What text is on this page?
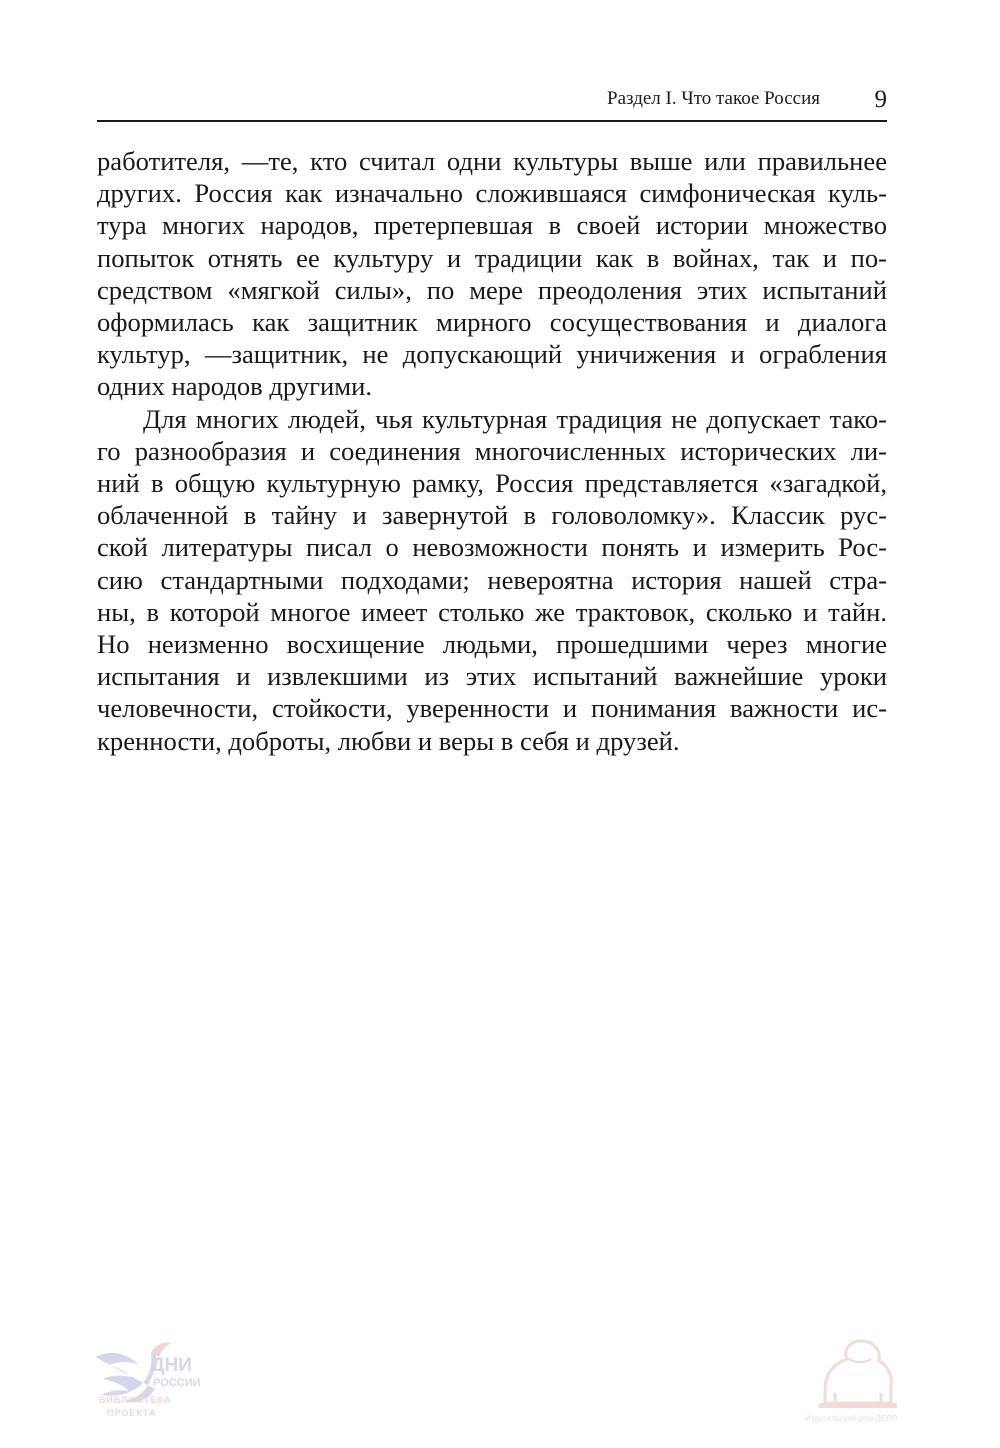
Раздел I. Что такое Россия 9

работителя, —те, кто считал одни культуры выше или правильнее
других. Россия как изначально сложившаяся симфоническая куль-
тура многих народов, претерпевшая в своей истории множество
попыток отнять ее культуру и традиции как в войнах, так и по-
средством «мягкой силы», по мере преодоления этих испытаний
оформилась как защитник мирного сосуществования и диалога
культур, —защитник, не допускающий уничижения и ограбления
одних народов другими.

Для многих людей, чья культурная традиция не допускает тако-
го разнообразия и соединения многочисленных исторических ли-
ний в общую культурную рамку, Россия представляется «загадкой,
облаченной в тайну и завернутой в головоломку». Классик рус-
ской литературы писал о невозможности понять и измерить Рос-
сию стандартными подходами; невероятна история нашей стра-
ны, в которой многое имеет столько же трактовок, сколько и тайн.
Но неизменно восхищение людьми, прошедшими через многие
испытания и извлекшими из этих испытаний важнейшие уроки
человечности, стойкости, уверенности и понимания важности ис-
кренности, доброты, любви и веры в себя и друзей.

ДНИ
РОССИИ
БИБЛИОТЕКА
ПРОЕКТА
Издательский дом ДЕЛО
